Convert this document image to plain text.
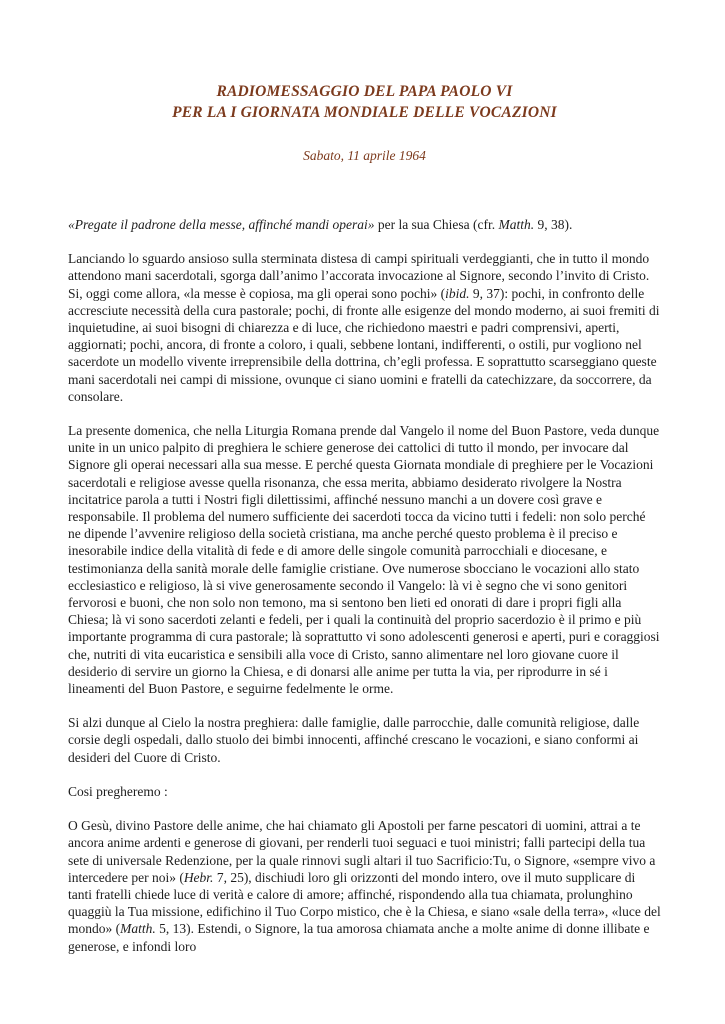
RADIOMESSAGGIO DEL PAPA PAOLO VI
PER LA I GIORNATA MONDIALE DELLE VOCAZIONI
Sabato, 11 aprile 1964

«Pregate il padrone della messe, affinché mandi operai» per la sua Chiesa (cfr. Matth. 9, 38).

Lanciando lo sguardo ansioso sulla sterminata distesa di campi spirituali verdeggianti, che in tutto il mondo attendono mani sacerdotali, sgorga dall’animo l’accorata invocazione al Signore, secondo l’invito di Cristo. Si, oggi come allora, «la messe è copiosa, ma gli operai sono pochi» (ibid. 9, 37): pochi, in confronto delle accresciute necessità della cura pastorale; pochi, di fronte alle esigenze del mondo moderno, ai suoi fremiti di inquietudine, ai suoi bisogni di chiarezza e di luce, che richiedono maestri e padri comprensivi, aperti, aggiornati; pochi, ancora, di fronte a coloro, i quali, sebbene lontani, indifferenti, o ostili, pur vogliono nel sacerdote un modello vivente irreprensibile della dottrina, ch’egli professa. E soprattutto scarseggiano queste mani sacerdotali nei campi di missione, ovunque ci siano uomini e fratelli da catechizzare, da soccorrere, da consolare.

La presente domenica, che nella Liturgia Romana prende dal Vangelo il nome del Buon Pastore, veda dunque unite in un unico palpito di preghiera le schiere generose dei cattolici di tutto il mondo, per invocare dal Signore gli operai necessari alla sua messe. E perché questa Giornata mondiale di preghiere per le Vocazioni sacerdotali e religiose avesse quella risonanza, che essa merita, abbiamo desiderato rivolgere la Nostra incitatrice parola a tutti i Nostri figli dilettissimi, affinché nessuno manchi a un dovere così grave e responsabile. Il problema del numero sufficiente dei sacerdoti tocca da vicino tutti i fedeli: non solo perché ne dipende l’avvenire religioso della società cristiana, ma anche perché questo problema è il preciso e inesorabile indice della vitalità di fede e di amore delle singole comunità parrocchiali e diocesane, e testimonianza della sanità morale delle famiglie cristiane. Ove numerose sbocciano le vocazioni allo stato ecclesiastico e religioso, là si vive generosamente secondo il Vangelo: là vi è segno che vi sono genitori fervorosi e buoni, che non solo non temono, ma si sentono ben lieti ed onorati di dare i propri figli alla Chiesa; là vi sono sacerdoti zelanti e fedeli, per i quali la continuità del proprio sacerdozio è il primo e più importante programma di cura pastorale; là soprattutto vi sono adolescenti generosi e aperti, puri e coraggiosi che, nutriti di vita eucaristica e sensibili alla voce di Cristo, sanno alimentare nel loro giovane cuore il desiderio di servire un giorno la Chiesa, e di donarsi alle anime per tutta la via, per riprodurre in sé i lineamenti del Buon Pastore, e seguirne fedelmente le orme.

Si alzi dunque al Cielo la nostra preghiera: dalle famiglie, dalle parrocchie, dalle comunità religiose, dalle corsie degli ospedali, dallo stuolo dei bimbi innocenti, affinché crescano le vocazioni, e siano conformi ai desideri del Cuore di Cristo.

Cosi pregheremo :

O Gesù, divino Pastore delle anime, che hai chiamato gli Apostoli per farne pescatori di uomini, attrai a te ancora anime ardenti e generose di giovani, per renderli tuoi seguaci e tuoi ministri; falli partecipi della tua sete di universale Redenzione, per la quale rinnovi sugli altari il tuo Sacrificio:Tu, o Signore, «sempre vivo a intercedere per noi» (Hebr. 7, 25), dischiudi loro gli orizzonti del mondo intero, ove il muto supplicare di tanti fratelli chiede luce di verità e calore di amore; affinché, rispondendo alla tua chiamata, prolunghino quaggiù la Tua missione, edifichino il Tuo Corpo mistico, che è la Chiesa, e siano «sale della terra», «luce del mondo» (Matth. 5, 13). Estendi, o Signore, la tua amorosa chiamata anche a molte anime di donne illibate e generose, e infondi loro
